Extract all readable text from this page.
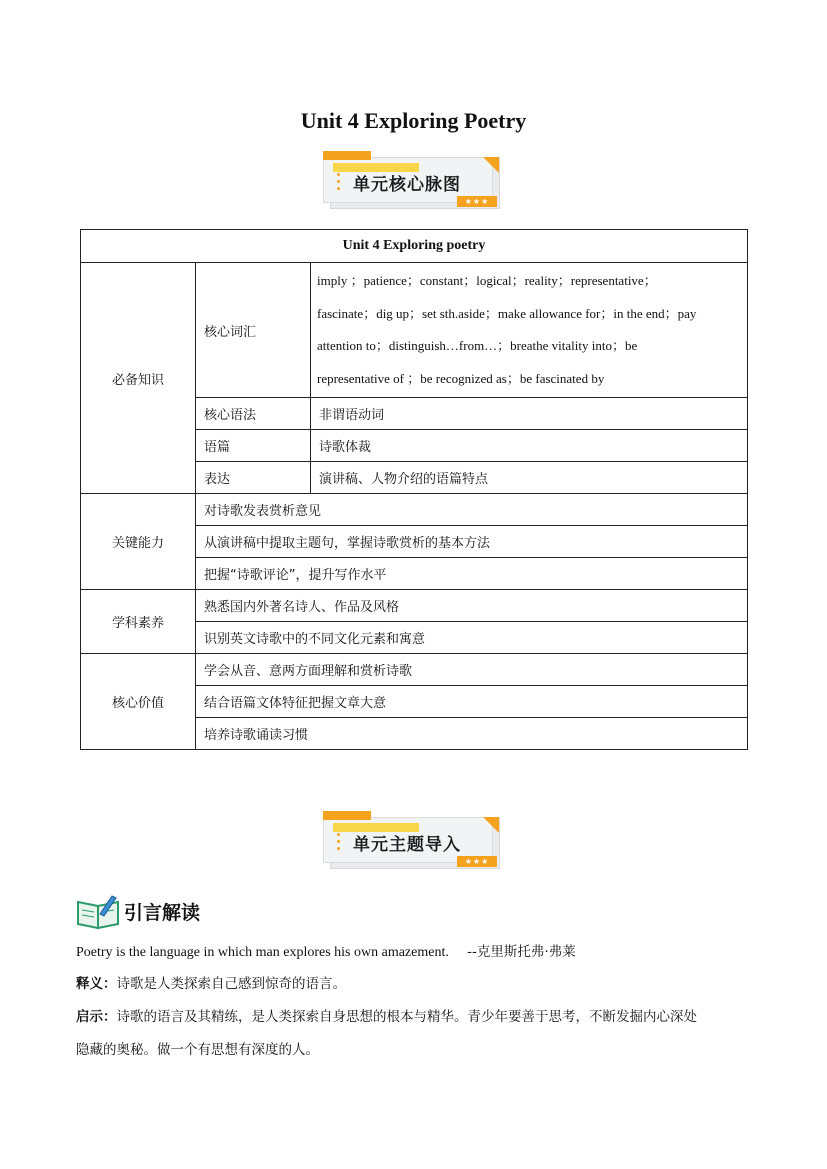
Unit 4 Exploring Poetry
单元核心脉图
★★★
Unit 4 Exploring poetry		
必备知识	核心词汇	imply ；patience；constant；logical；reality；representative；
fascinate；dig up；set sth.aside；make allowance for；in the end；pay
attention to；distinguish…from…；breathe vitality into；be
representative of ；be recognized as；be fascinated by

	核心语法	非谓语动词
	语篇	诗歌体裁
	表达	演讲稿、人物介绍的语篇特点
关键能力	对诗歌发表赏析意见	
	从演讲稿中提取主题句，掌握诗歌赏析的基本方法	
	把握“诗歌评论”，提升写作水平	
学科素养	熟悉国内外著名诗人、作品及风格	
	识别英文诗歌中的不同文化元素和寓意	
核心价值	学会从音、意两方面理解和赏析诗歌	
	结合语篇文体特征把握文章大意	
	培养诗歌诵读习惯	
单元主题导入
★★★
引言解读
Poetry is the language in which man explores his own amazement. --克里斯托弗·弗莱
释义：诗歌是人类探索自己感到惊奇的语言。
启示：诗歌的语言及其精练，是人类探索自身思想的根本与精华。青少年要善于思考，不断发掘内心深处
隐藏的奥秘。做一个有思想有深度的人。
